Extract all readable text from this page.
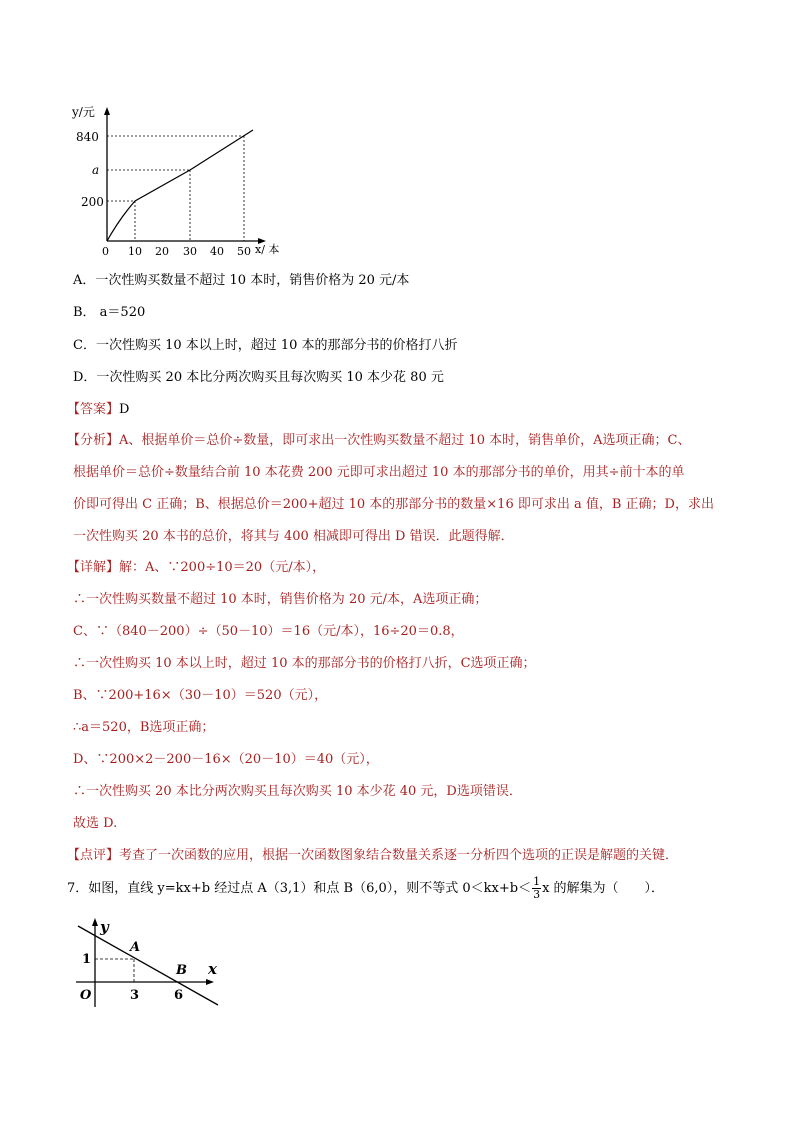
y/元
840
a
200
0 10 20 30 40 50 x/ 本
A．一次性购买数量不超过 10 本时，销售价格为 20 元/本
B． a＝520
C．一次性购买 10 本以上时，超过 10 本的那部分书的价格打八折
D．一次性购买 20 本比分两次购买且每次购买 10 本少花 80 元
【答案】D
【分析】A、根据单价＝总价÷数量，即可求出一次性购买数量不超过 10 本时，销售单价，A选项正确；C、
根据单价＝总价÷数量结合前 10 本花费 200 元即可求出超过 10 本的那部分书的单价，用其÷前十本的单
价即可得出 C 正确；B、根据总价＝200+超过 10 本的那部分书的数量×16 即可求出 a 值，B 正确；D，求出
一次性购买 20 本书的总价，将其与 400 相减即可得出 D 错误．此题得解．
【详解】解：A、∵200÷10＝20（元/本），
∴一次性购买数量不超过 10 本时，销售价格为 20 元/本，A选项正确；
C、∵（840－200）÷（50－10）＝16（元/本），16÷20＝0.8，
∴一次性购买 10 本以上时，超过 10 本的那部分书的价格打八折，C选项正确；
B、∵200+16×（30－10）＝520（元），
∴a＝520，B选项正确；
D、∵200×2－200－16×（20－10）＝40（元），
∴一次性购买 20 本比分两次购买且每次购买 10 本少花 40 元，D选项错误．
故选 D.
【点评】考查了一次函数的应用，根据一次函数图象结合数量关系逐一分析四个选项的正误是解题的关键．
7．如图，直线 y=kx+b 经过点 A（3,1）和点 B（6,0），则不等式 $0<kx+b< \frac{1}{3}$ x 的解集为（　　）．
y
x
O
A
B
1
3	6
